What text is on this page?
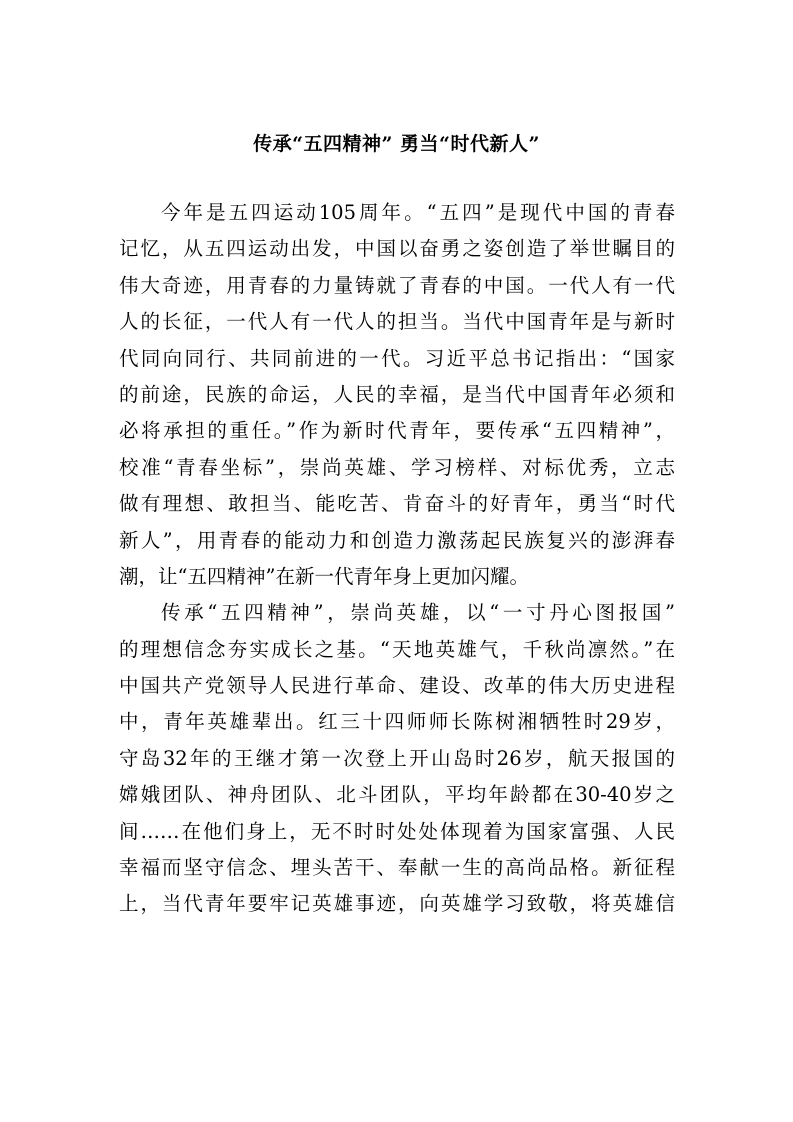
传承“五四精神” 勇当“时代新人”
今年是五四运动105周年。“五四”是现代中国的青春
记忆，从五四运动出发，中国以奋勇之姿创造了举世瞩目的
伟大奇迹，用青春的力量铸就了青春的中国。一代人有一代
人的长征，一代人有一代人的担当。当代中国青年是与新时
代同向同行、共同前进的一代。习近平总书记指出：“国家
的前途，民族的命运，人民的幸福，是当代中国青年必须和
必将承担的重任。”作为新时代青年，要传承“五四精神”，
校准“青春坐标”，崇尚英雄、学习榜样、对标优秀，立志
做有理想、敢担当、能吃苦、肯奋斗的好青年，勇当“时代
新人”，用青春的能动力和创造力激荡起民族复兴的澎湃春
潮，让“五四精神”在新一代青年身上更加闪耀。
传承“五四精神”，崇尚英雄，以“一寸丹心图报国”
的理想信念夯实成长之基。“天地英雄气，千秋尚凛然。”在
中国共产党领导人民进行革命、建设、改革的伟大历史进程
中，青年英雄辈出。红三十四师师长陈树湘牺牲时29岁，
守岛32年的王继才第一次登上开山岛时26岁，航天报国的
嫦娥团队、神舟团队、北斗团队，平均年龄都在30-40岁之
间……在他们身上，无不时时处处体现着为国家富强、人民
幸福而坚守信念、埋头苦干、奉献一生的高尚品格。新征程
上，当代青年要牢记英雄事迹，向英雄学习致敬，将英雄信
